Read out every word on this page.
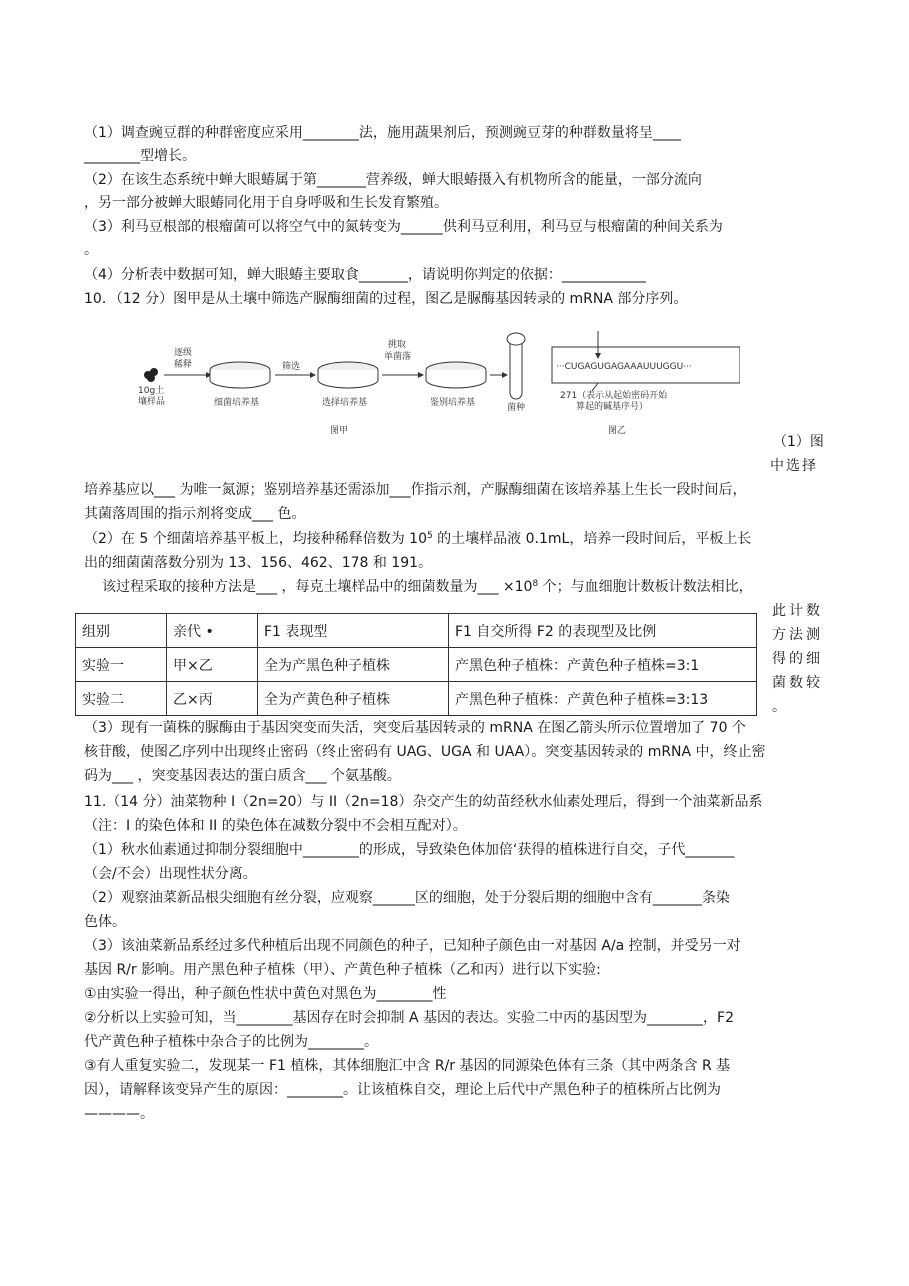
（1）调查豌豆群的种群密度应采用________法，施用蔬果剂后，预测豌豆芽的种群数量将呈____
________型增长。
（2）在该生态系统中蝉大眼蝽属于第_______营养级，蝉大眼蝽摄入有机物所含的能量，一部分流向
，另一部分被蝉大眼蝽同化用于自身呼吸和生长发育繁殖。
（3）利马豆根部的根瘤菌可以将空气中的氮转变为______供利马豆利用，利马豆与根瘤菌的种间关系为
。
（4）分析表中数据可知，蝉大眼蝽主要取食_______，请说明你判定的依据：____________
10．（12 分）图甲是从土壤中筛选产脲酶细菌的过程，图乙是脲酶基因转录的 mRNA 部分序列。
10g土
壤样品
逐级
稀释
细菌培养基
筛选
选择培养基
挑取
单菌落
鉴别培养基	菌种
图甲
···CUGAGUGAGAAAUUUGGU···
271（表示从起始密码开始
算起的碱基序号）
图乙
（1）图
中选择
培养基应以___ 为唯一氮源；鉴别培养基还需添加___作指示剂，产脲酶细菌在该培养基上生长一段时间后，
其菌落周围的指示剂将变成___ 色。
（2）在 5 个细菌培养基平板上，均接种稀释倍数为 $10^5$ 的土壤样品液 0.1mL，培养一段时间后，平板上长
出的细菌菌落数分别为 13、156、462、178 和 191。
该过程采取的接种方法是___ ，每克土壤样品中的细菌数量为___ $\times 10^8$ 个；与血细胞计数板计数法相比，
组别	亲代 •	F1 表现型	F1 自交所得 F2 的表现型及比例
实验一	甲×乙	全为产黑色种子植株	产黑色种子植株：产黄色种子植株=3:1
实验二	乙×丙	全为产黄色种子植株	产黑色种子植株：产黄色种子植株=3:13
此计数
方法测
得的细
菌数较
。
（3）现有一菌株的脲酶由于基因突变而失活，突变后基因转录的 mRNA 在图乙箭头所示位置增加了 70 个
核苷酸，使图乙序列中出现终止密码（终止密码有 UAG、UGA 和 UAA）。突变基因转录的 mRNA 中，终止密
码为___ ，突变基因表达的蛋白质含___ 个氨基酸。
11.（14 分）油菜物种 I（2n=20）与 II（2n=18）杂交产生的幼苗经秋水仙素处理后，得到一个油菜新品系
（注：I 的染色体和 II 的染色体在减数分裂中不会相互配对）。
（1）秋水仙素通过抑制分裂细胞中________的形成，导致染色体加倍‘获得的植株进行自交，子代_______
（会/不会）出现性状分离。
（2）观察油菜新品根尖细胞有丝分裂，应观察______区的细胞，处于分裂后期的细胞中含有_______条染
色体。
（3）该油菜新品系经过多代种植后出现不同颜色的种子，已知种子颜色由一对基因 A/a 控制，并受另一对
基因 R/r 影响。用产黑色种子植株（甲）、产黄色种子植株（乙和丙）进行以下实验:
①由实验一得出，种子颜色性状中黄色对黑色为________性
②分析以上实验可知，当________基因存在时会抑制 A 基因的表达。实验二中丙的基因型为________，F2
代产黄色种子植株中杂合子的比例为________。
③有人重复实验二，发现某一 F1 植株，其体细胞汇中含 R/r 基因的同源染色体有三条（其中两条含 R 基
因），请解释该变异产生的原因：________。让该植株自交，理论上后代中产黑色种子的植株所占比例为
————。
